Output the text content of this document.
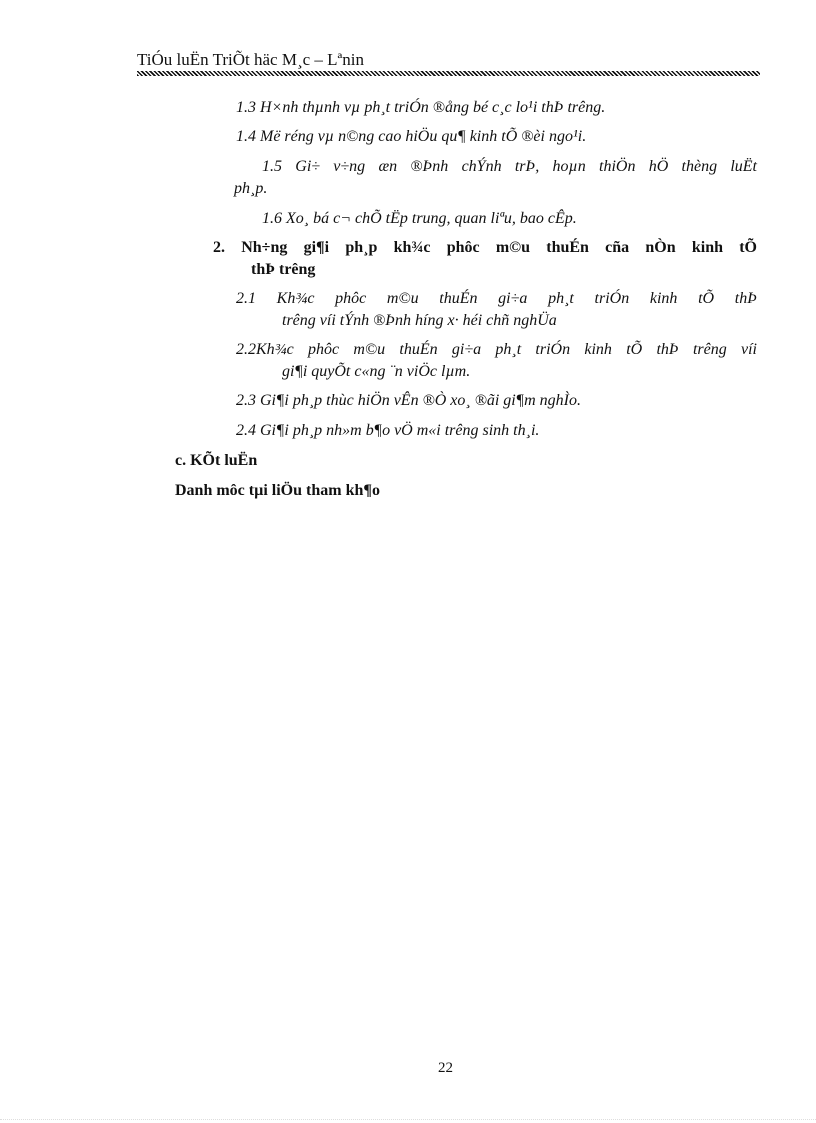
TiÓu luËn TriÕt häc M¸c – Lªnin
1.3 H×nh thµnh vµ ph¸t triÓn ®ång bé c¸c lo¹i thÞ trêng.
1.4 Më réng vµ n©ng cao hiÖu qu¶ kinh tÕ ®èi ngo¹i.
1.5 Gi÷ v÷ng æn ®Þnh chÝnh trÞ, hoµn thiÖn hÖ thèng luËt
ph¸p.
1.6 Xo¸ bá c¬ chÕ tËp trung, quan liªu, bao cÊp.
2. Nh÷ng gi¶i ph¸p kh¾c phôc m©u thuÉn cña nÒn kinh tÕ
thÞ trêng
2.1 Kh¾c phôc m©u thuÉn gi÷a ph¸t triÓn kinh tÕ thÞ
trêng víi tÝnh ®Þnh híng x· héi chñ nghÜa
2.2Kh¾c phôc m©u thuÉn gi÷a ph¸t triÓn kinh tÕ thÞ trêng víi
gi¶i quyÕt c«ng ¨n viÖc lµm.
2.3 Gi¶i ph¸p thùc hiÖn vÊn ®Ò xo¸ ®ãi gi¶m nghÌo.
2.4 Gi¶i ph¸p nh»m b¶o vÖ m«i trêng sinh th¸i.
c. KÕt luËn
Danh môc tµi liÖu tham kh¶o
22
